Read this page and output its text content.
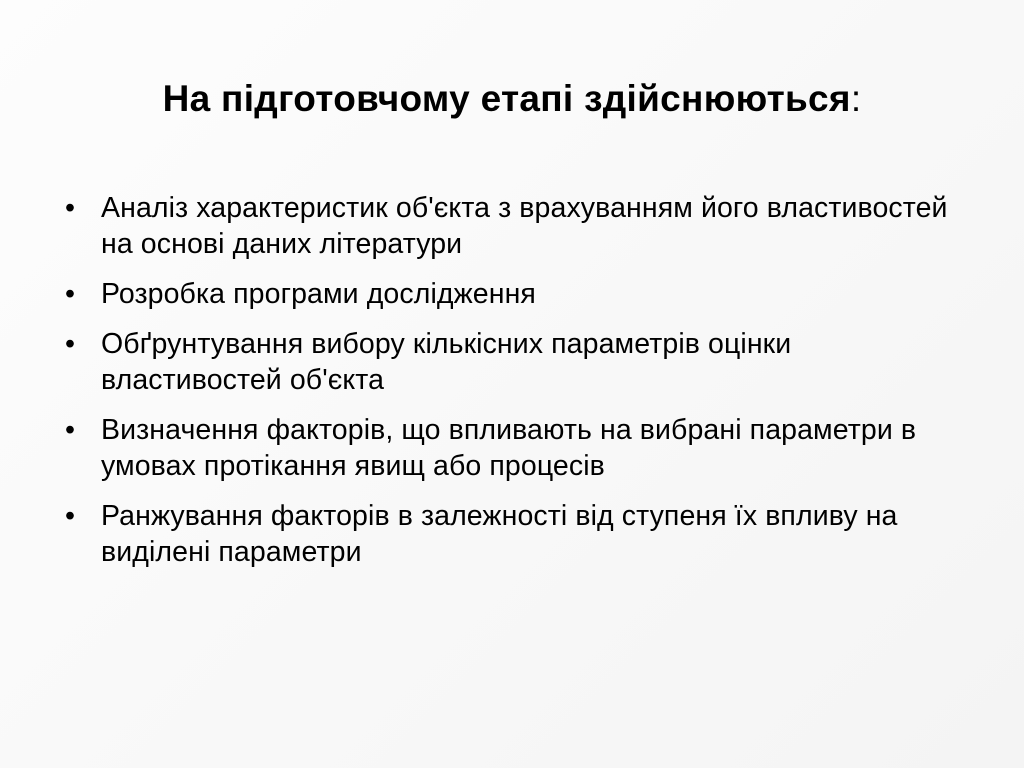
На підготовчому етапі здійснюються:
• Аналіз характеристик об'єкта з врахуванням його властивостей на основі даних літератури
• Розробка програми дослідження
• Обґрунтування вибору кількісних параметрів оцінки властивостей об'єкта
• Визначення факторів, що впливають на вибрані параметри в умовах протікання явищ або процесів
• Ранжування факторів в залежності від ступеня їх впливу на виділені параметри
